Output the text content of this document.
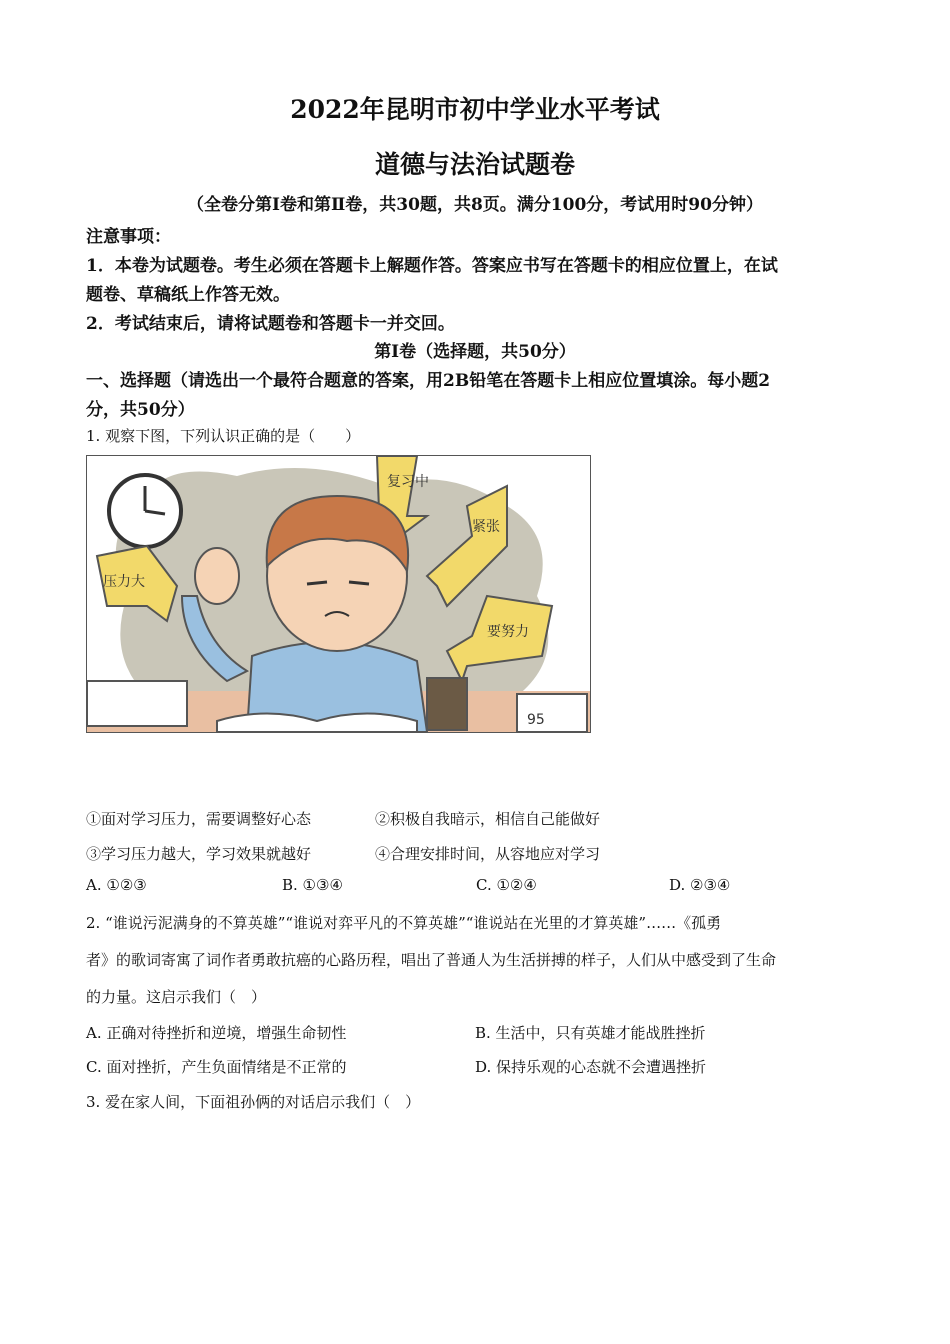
2022年昆明市初中学业水平考试
道德与法治试题卷
（全卷分第Ⅰ卷和第Ⅱ卷，共30题，共8页。满分100分，考试用时90分钟）
注意事项：
1．本卷为试题卷。考生必须在答题卡上解题作答。答案应书写在答题卡的相应位置上，在试
题卷、草稿纸上作答无效。
2．考试结束后，请将试题卷和答题卡一并交回。
第Ⅰ卷（选择题，共50分）
一、选择题（请选出一个最符合题意的答案，用2B铅笔在答题卡上相应位置填涂。每小题2
分，共50分）
1. 观察下图，下列认识正确的是（　　）
复习中
紧张
压力大
要努力
95
①面对学习压力，需要调整好心态	②积极自我暗示，相信自己能做好
③学习压力越大，学习效果就越好	④合理安排时间，从容地应对学习
A. ①②③	B. ①③④	C. ①②④	D. ②③④
2. “谁说污泥满身的不算英雄”“谁说对弈平凡的不算英雄”“谁说站在光里的才算英雄”……《孤勇
者》的歌词寄寓了词作者勇敢抗癌的心路历程，唱出了普通人为生活拼搏的样子，人们从中感受到了生命
的力量。这启示我们（　）
A. 正确对待挫折和逆境，增强生命韧性	B. 生活中，只有英雄才能战胜挫折
C. 面对挫折，产生负面情绪是不正常的	D. 保持乐观的心态就不会遭遇挫折
3. 爱在家人间，下面祖孙俩的对话启示我们（　）
